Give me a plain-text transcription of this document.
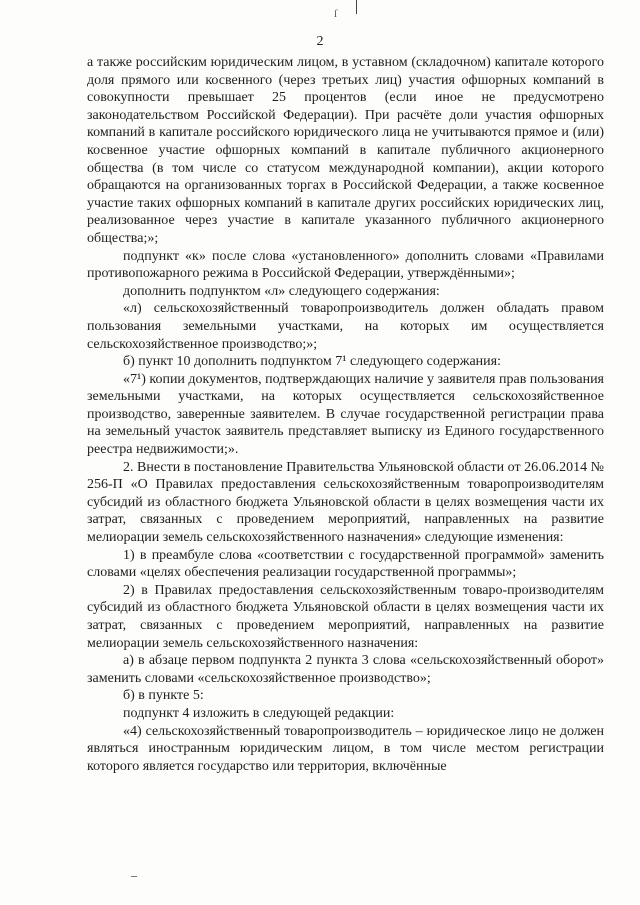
ſ
2

а также российским юридическим лицом, в уставном (складочном) капитале которого доля прямого или косвенного (через третьих лиц) участия офшорных компаний в совокупности превышает 25 процентов (если иное не предусмотрено законодательством Российской Федерации). При расчёте доли участия офшорных компаний в капитале российского юридического лица не учитываются прямое и (или) косвенное участие офшорных компаний в капитале публичного акционерного общества (в том числе со статусом международной компании), акции которого обращаются на организованных торгах в Российской Федерации, а также косвенное участие таких офшорных компаний в капитале других российских юридических лиц, реализованное через участие в капитале указанного публичного акционерного общества;»;

подпункт «к» после слова «установленного» дополнить словами «Правилами противопожарного режима в Российской Федерации, утверждёнными»;

дополнить подпунктом «л» следующего содержания:

«л) сельскохозяйственный товаропроизводитель должен обладать правом пользования земельными участками, на которых им осуществляется сельскохозяйственное производство;»;

б) пункт 10 дополнить подпунктом 7¹ следующего содержания:

«7¹) копии документов, подтверждающих наличие у заявителя прав пользования земельными участками, на которых осуществляется сельскохозяйственное производство, заверенные заявителем. В случае государственной регистрации права на земельный участок заявитель представляет выписку из Единого государственного реестра недвижимости;».

2. Внести в постановление Правительства Ульяновской области от 26.06.2014 № 256-П «О Правилах предоставления сельскохозяйственным товаропроизводителям субсидий из областного бюджета Ульяновской области в целях возмещения части их затрат, связанных с проведением мероприятий, направленных на развитие мелиорации земель сельскохозяйственного назначения» следующие изменения:

1) в преамбуле слова «соответствии с государственной программой» заменить словами «целях обеспечения реализации государственной программы»;

2) в Правилах предоставления сельскохозяйственным товаро-производителям субсидий из областного бюджета Ульяновской области в целях возмещения части их затрат, связанных с проведением мероприятий, направленных на развитие мелиорации земель сельскохозяйственного назначения:

а) в абзаце первом подпункта 2 пункта 3 слова «сельскохозяйственный оборот» заменить словами «сельскохозяйственное производство»;

б) в пункте 5:

подпункт 4 изложить в следующей редакции:

«4) сельскохозяйственный товаропроизводитель – юридическое лицо не должен являться иностранным юридическим лицом, в том числе местом регистрации которого является государство или территория, включённые
